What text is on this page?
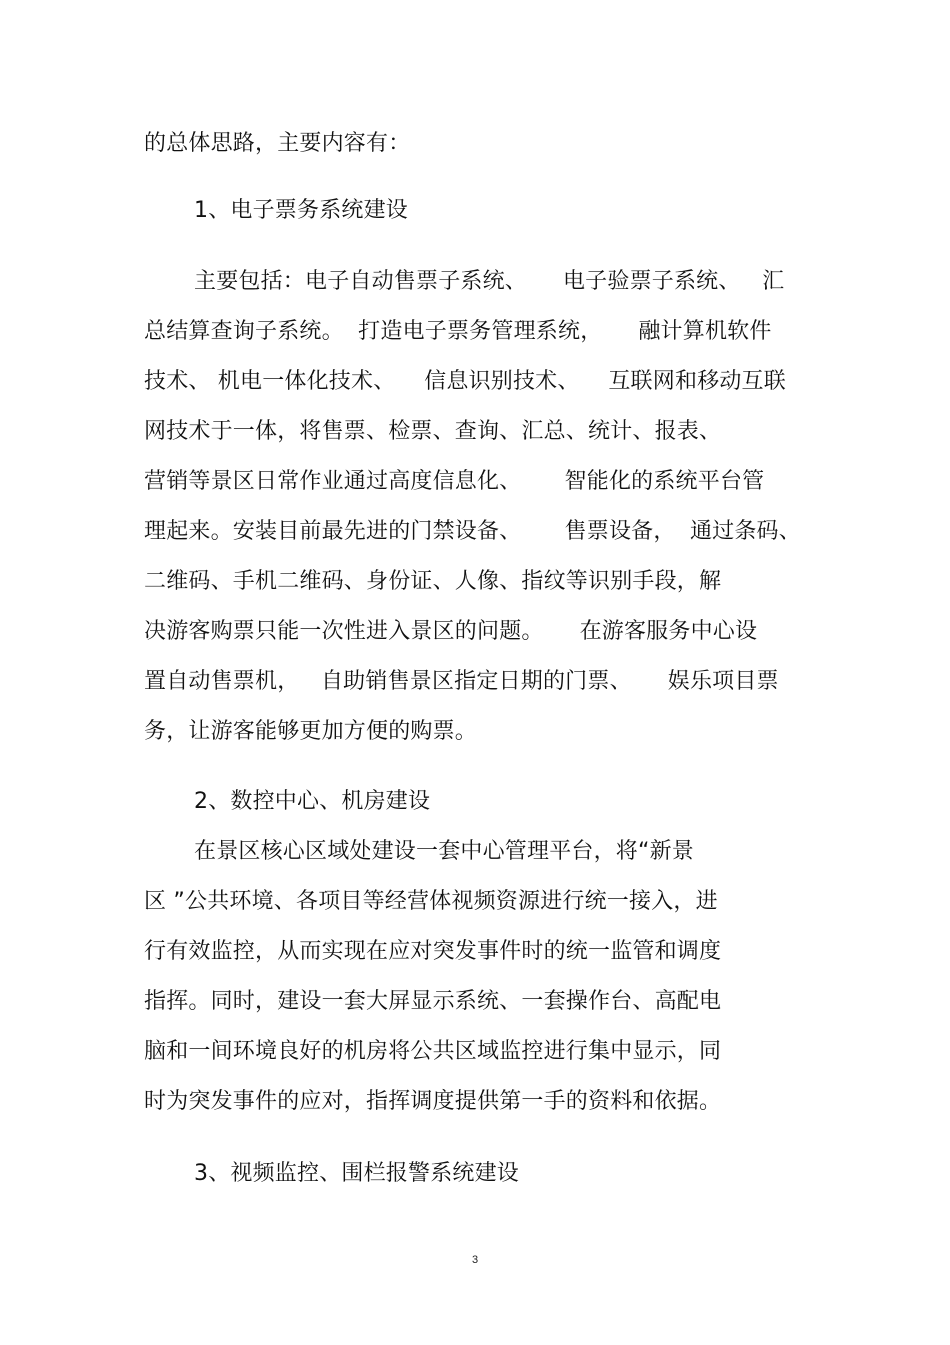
的总体思路，主要内容有：
1、电子票务系统建设
主要包括：电子自动售票子系统、     电子验票子系统、   汇
总结算查询子系统。  打造电子票务管理系统，     融计算机软件
技术、 机电一体化技术、    信息识别技术、    互联网和移动互联
网技术于一体，将售票、检票、查询、汇总、统计、报表、
营销等景区日常作业通过高度信息化、      智能化的系统平台管
理起来。安装目前最先进的门禁设备、      售票设备，  通过条码、
二维码、手机二维码、身份证、人像、指纹等识别手段，解
决游客购票只能一次性进入景区的问题。     在游客服务中心设
置自动售票机，   自助销售景区指定日期的门票、     娱乐项目票
务，让游客能够更加方便的购票。
2、数控中心、机房建设
在景区核心区域处建设一套中心管理平台，将“新景
区 ”公共环境、各项目等经营体视频资源进行统一接入，进
行有效监控，从而实现在应对突发事件时的统一监管和调度
指挥。同时，建设一套大屏显示系统、一套操作台、高配电
脑和一间环境良好的机房将公共区域监控进行集中显示，同
时为突发事件的应对，指挥调度提供第一手的资料和依据。
3、视频监控、围栏报警系统建设
3
